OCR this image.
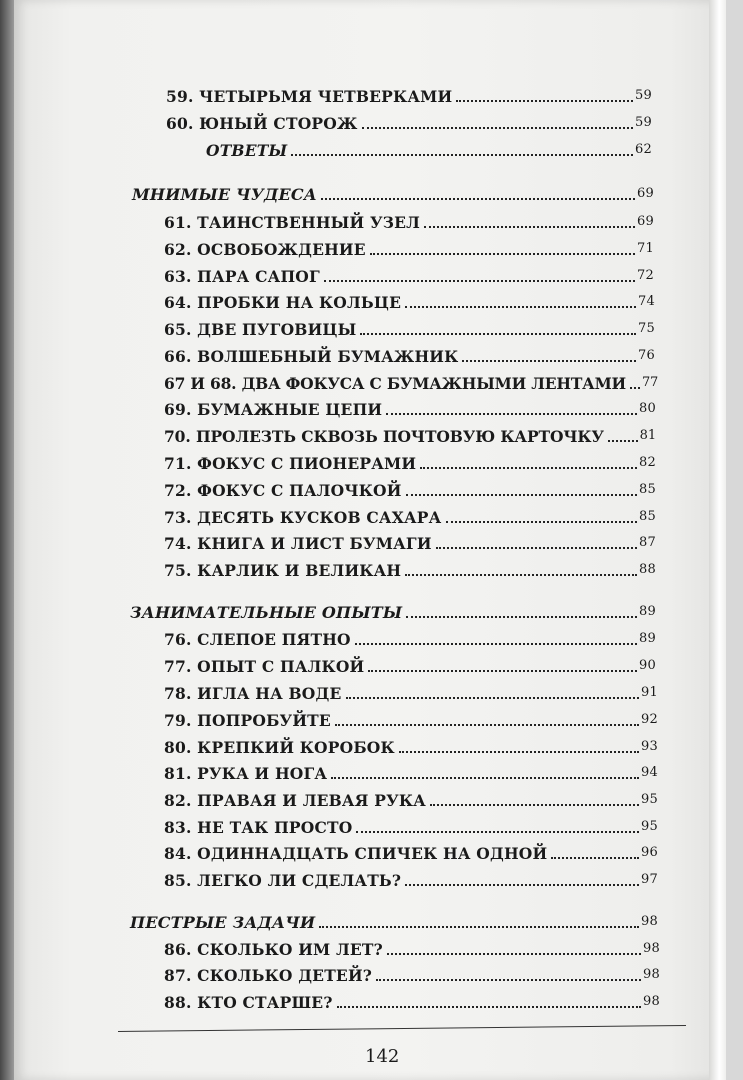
59. ЧЕТЫРЬМЯ ЧЕТВЕРКАМИ	59
60. ЮНЫЙ СТОРОЖ	59
ОТВЕТЫ	62
МНИМЫЕ ЧУДЕСА	69
61. ТАИНСТВЕННЫЙ УЗЕЛ	69
62. ОСВОБОЖДЕНИЕ	71
63. ПАРА САПОГ	72
64. ПРОБКИ НА КОЛЬЦЕ	74
65. ДВЕ ПУГОВИЦЫ	75
66. ВОЛШЕБНЫЙ БУМАЖНИК	76
67 И 68. ДВА ФОКУСА С БУМАЖНЫМИ ЛЕНТАМИ 77
69. БУМАЖНЫЕ ЦЕПИ	80
70. ПРОЛЕЗТЬ СКВОЗЬ ПОЧТОВУЮ КАРТОЧКУ	81
71. ФОКУС С ПИОНЕРАМИ	82
72. ФОКУС С ПАЛОЧКОЙ	85
73. ДЕСЯТЬ КУСКОВ САХАРА	85
74. КНИГА И ЛИСТ БУМАГИ	87
75. КАРЛИК И ВЕЛИКАН	88
ЗАНИМАТЕЛЬНЫЕ ОПЫТЫ	89
76. СЛЕПОЕ ПЯТНО	89
77. ОПЫТ С ПАЛКОЙ	90
78. ИГЛА НА ВОДЕ	91
79. ПОПРОБУЙТЕ	92
80. КРЕПКИЙ КОРОБОК	93
81. РУКА И НОГА	94
82. ПРАВАЯ И ЛЕВАЯ РУКА	95
83. НЕ ТАК ПРОСТО	95
84. ОДИННАДЦАТЬ СПИЧЕК НА ОДНОЙ	96
85. ЛЕГКО ЛИ СДЕЛАТЬ?	97
ПЕСТРЫЕ ЗАДАЧИ	98
86. СКОЛЬКО ИМ ЛЕТ?	98
87. СКОЛЬКО ДЕТЕЙ?	98
88. КТО СТАРШЕ?	98
142
